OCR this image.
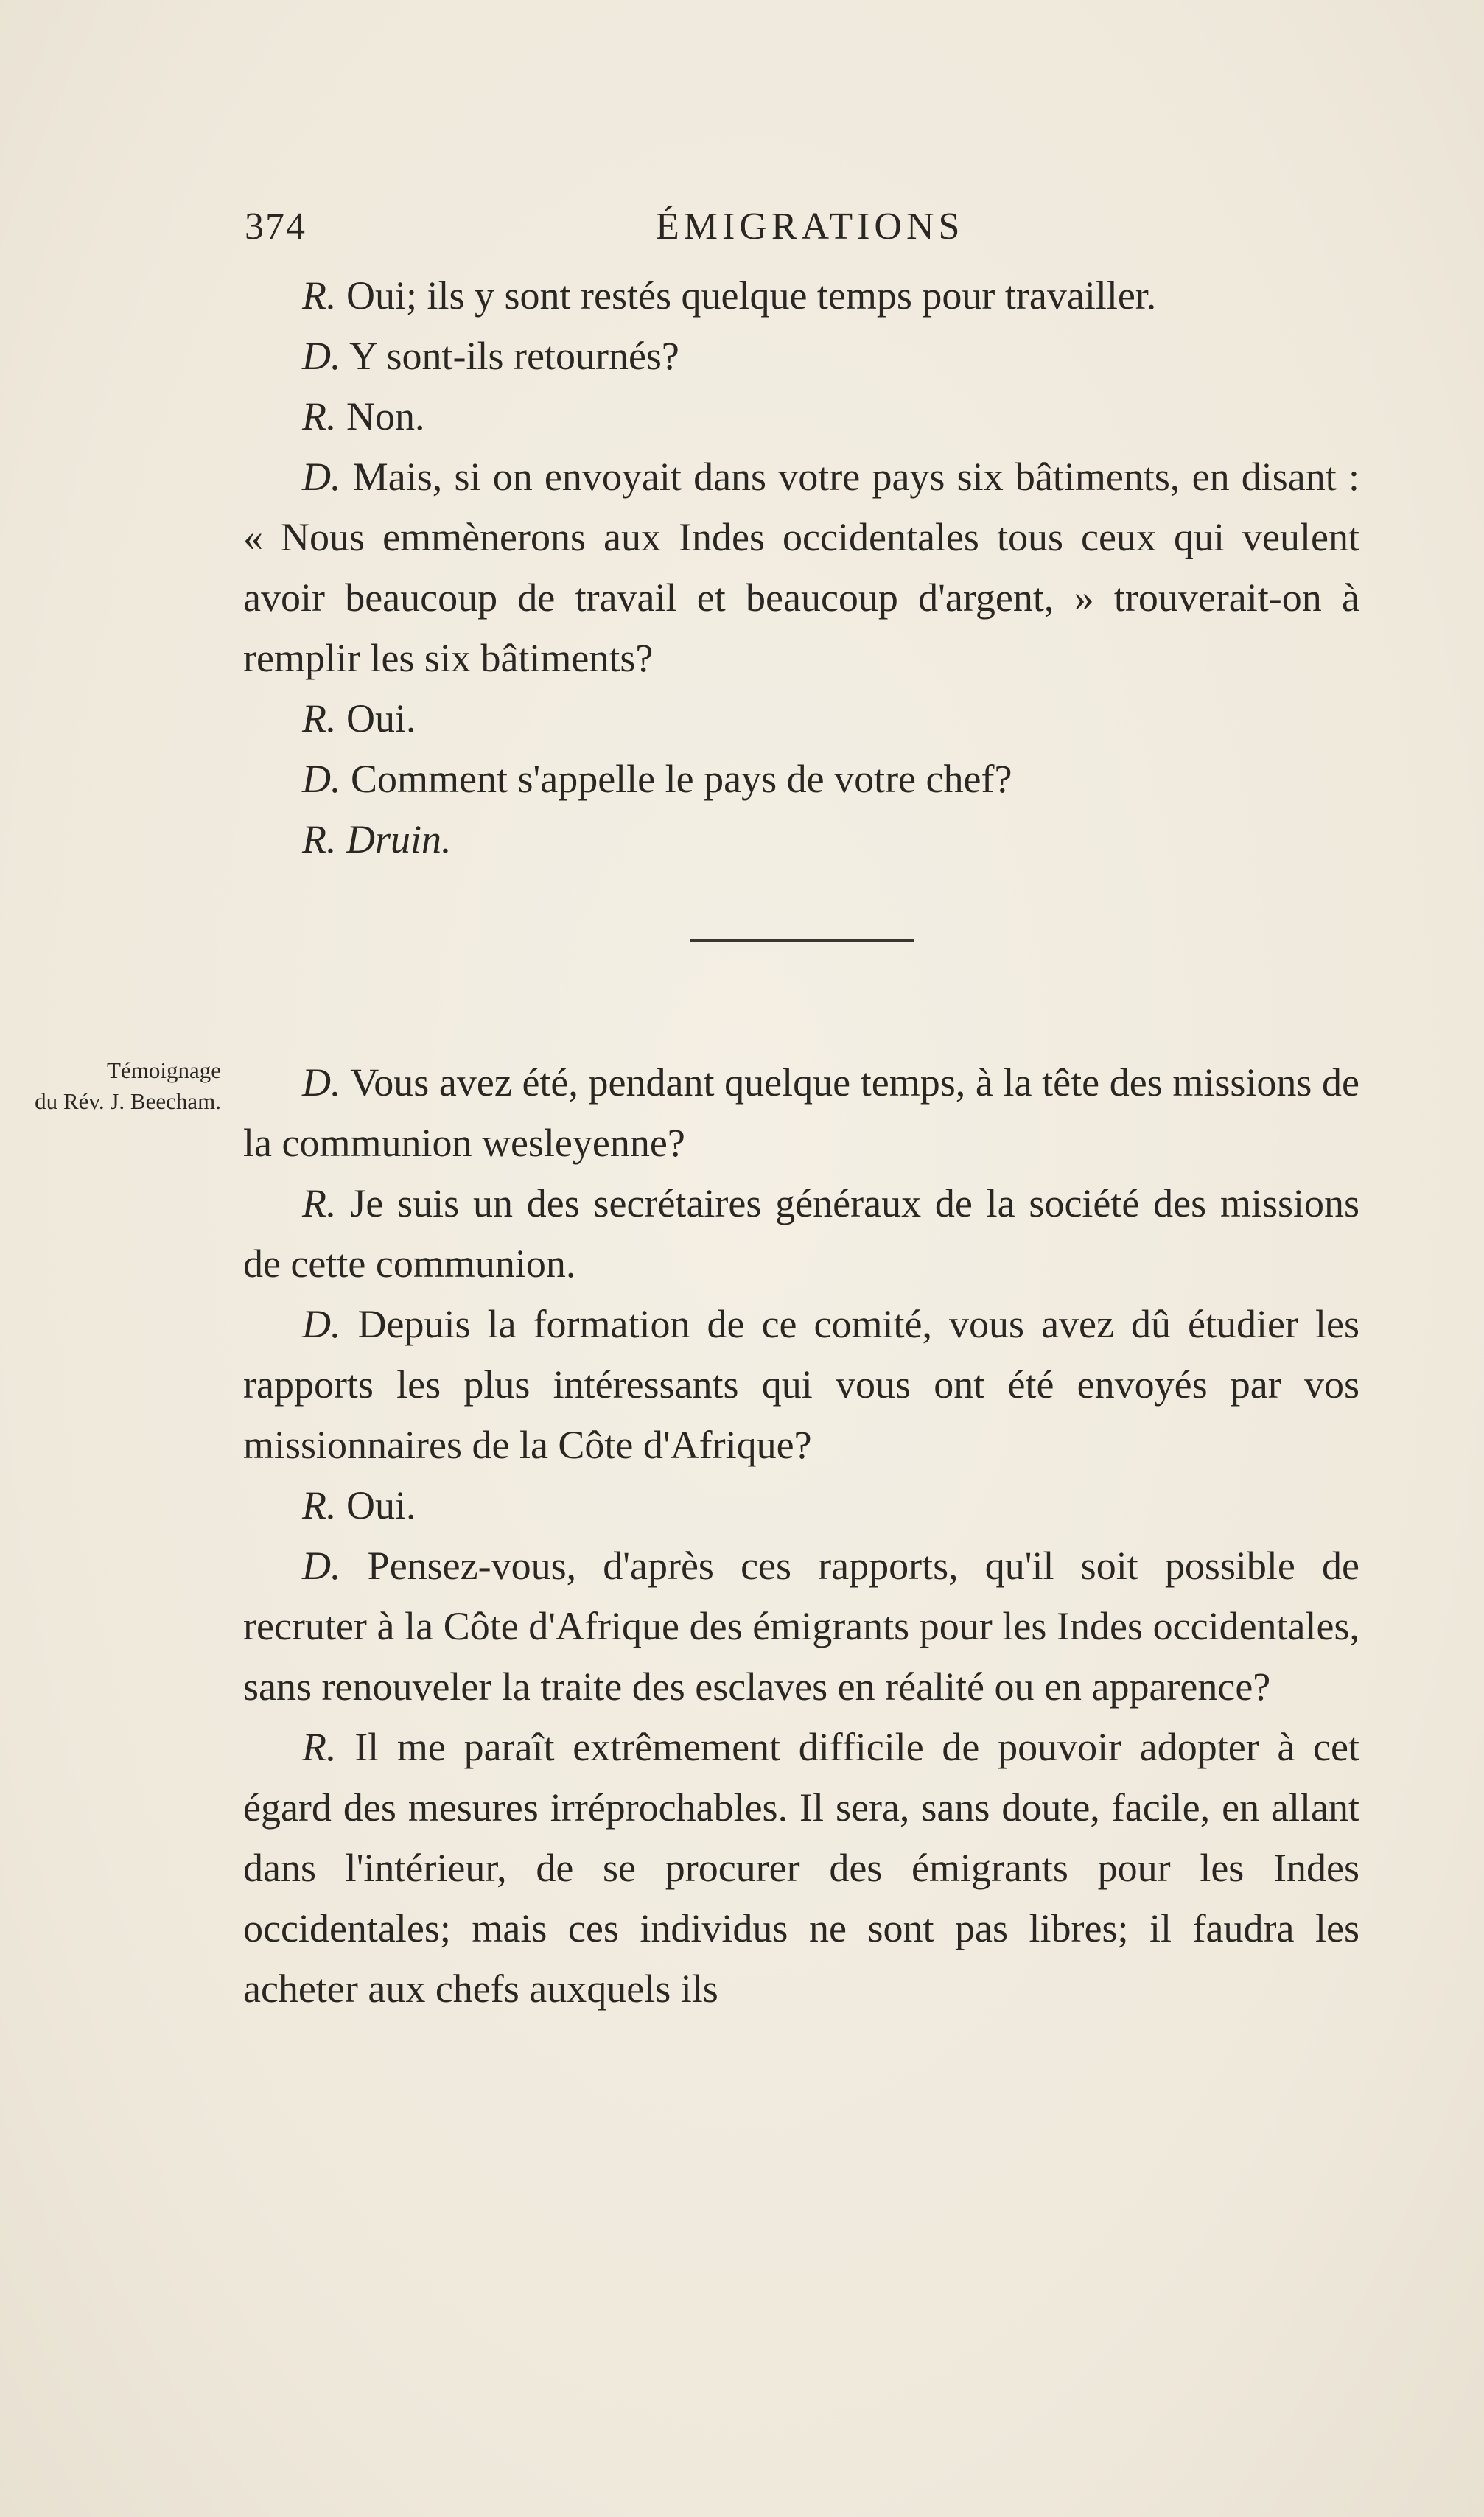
374	ÉMIGRATIONS

R. Oui; ils y sont restés quelque temps pour travailler.

D. Y sont-ils retournés?

R. Non.

D. Mais, si on envoyait dans votre pays six bâtiments, en disant : « Nous emmènerons aux Indes occidentales tous ceux qui veulent avoir beaucoup de travail et beaucoup d'argent, » trouverait-on à remplir les six bâtiments?

R. Oui.

D. Comment s'appelle le pays de votre chef?

R. Druin.

Témoignage
du Rév. J. Beecham.	D. Vous avez été, pendant quelque temps, à la tête des missions de la communion wesleyenne?

R. Je suis un des secrétaires généraux de la société des missions de cette communion.

D. Depuis la formation de ce comité, vous avez dû étudier les rapports les plus intéressants qui vous ont été envoyés par vos missionnaires de la Côte d'Afrique?

R. Oui.

D. Pensez-vous, d'après ces rapports, qu'il soit possible de recruter à la Côte d'Afrique des émigrants pour les Indes occidentales, sans renouveler la traite des esclaves en réalité ou en apparence?

R. Il me paraît extrêmement difficile de pouvoir adopter à cet égard des mesures irréprochables. Il sera, sans doute, facile, en allant dans l'intérieur, de se procurer des émigrants pour les Indes occidentales; mais ces individus ne sont pas libres; il faudra les acheter aux chefs auxquels ils
